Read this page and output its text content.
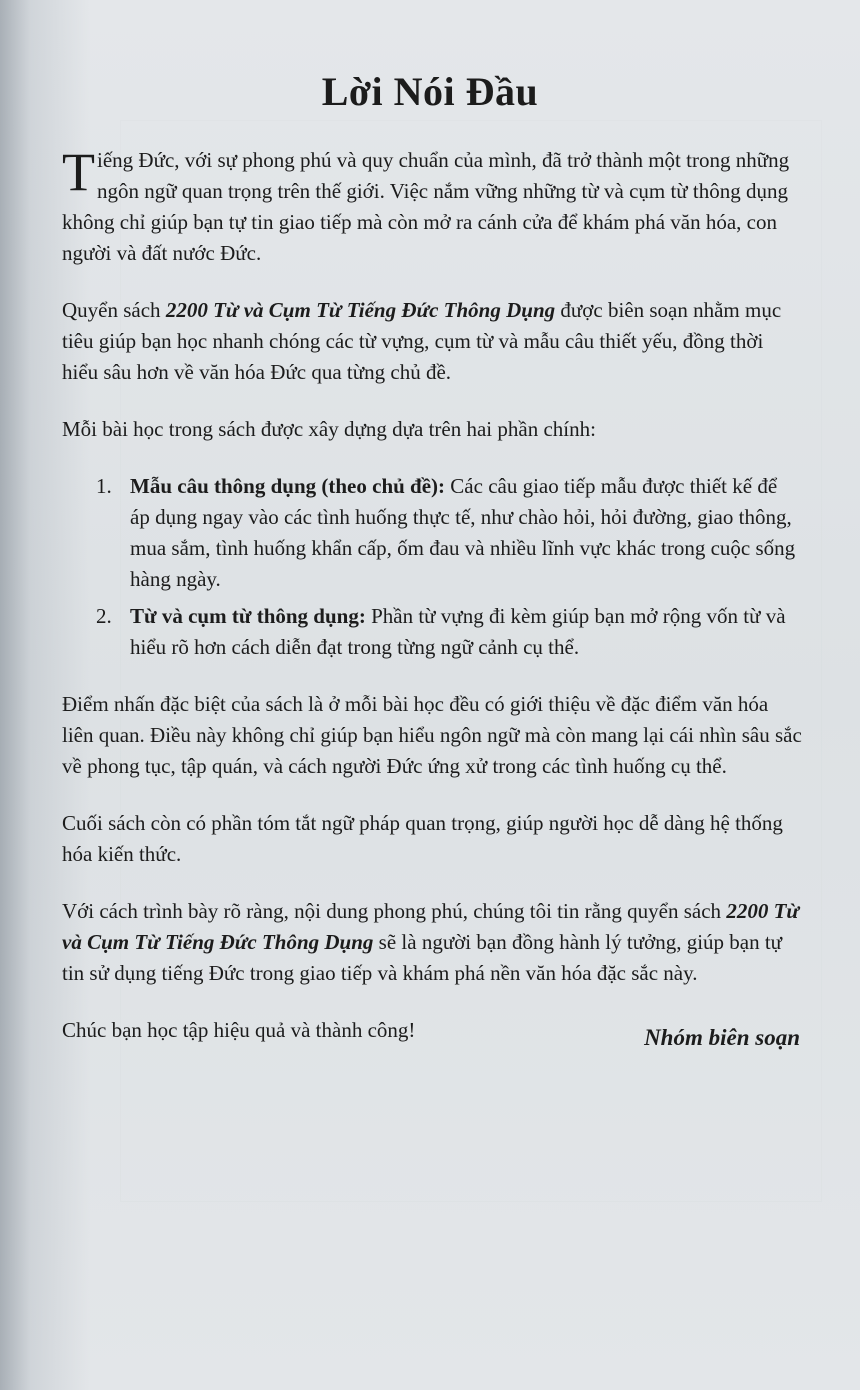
Lời Nói Đầu

Tiếng Đức, với sự phong phú và quy chuẩn của mình, đã trở thành một trong những ngôn ngữ quan trọng trên thế giới. Việc nắm vững những từ và cụm từ thông dụng không chỉ giúp bạn tự tin giao tiếp mà còn mở ra cánh cửa để khám phá văn hóa, con người và đất nước Đức.

Quyển sách 2200 Từ và Cụm Từ Tiếng Đức Thông Dụng được biên soạn nhằm mục tiêu giúp bạn học nhanh chóng các từ vựng, cụm từ và mẫu câu thiết yếu, đồng thời hiểu sâu hơn về văn hóa Đức qua từng chủ đề.

Mỗi bài học trong sách được xây dựng dựa trên hai phần chính:

1. Mẫu câu thông dụng (theo chủ đề): Các câu giao tiếp mẫu được thiết kế để áp dụng ngay vào các tình huống thực tế, như chào hỏi, hỏi đường, giao thông, mua sắm, tình huống khẩn cấp, ốm đau và nhiều lĩnh vực khác trong cuộc sống hàng ngày.
2. Từ và cụm từ thông dụng: Phần từ vựng đi kèm giúp bạn mở rộng vốn từ và hiểu rõ hơn cách diễn đạt trong từng ngữ cảnh cụ thể.

Điểm nhấn đặc biệt của sách là ở mỗi bài học đều có giới thiệu về đặc điểm văn hóa liên quan. Điều này không chỉ giúp bạn hiểu ngôn ngữ mà còn mang lại cái nhìn sâu sắc về phong tục, tập quán, và cách người Đức ứng xử trong các tình huống cụ thể.

Cuối sách còn có phần tóm tắt ngữ pháp quan trọng, giúp người học dễ dàng hệ thống hóa kiến thức.

Với cách trình bày rõ ràng, nội dung phong phú, chúng tôi tin rằng quyển sách 2200 Từ và Cụm Từ Tiếng Đức Thông Dụng sẽ là người bạn đồng hành lý tưởng, giúp bạn tự tin sử dụng tiếng Đức trong giao tiếp và khám phá nền văn hóa đặc sắc này.

Chúc bạn học tập hiệu quả và thành công!	Nhóm biên soạn
